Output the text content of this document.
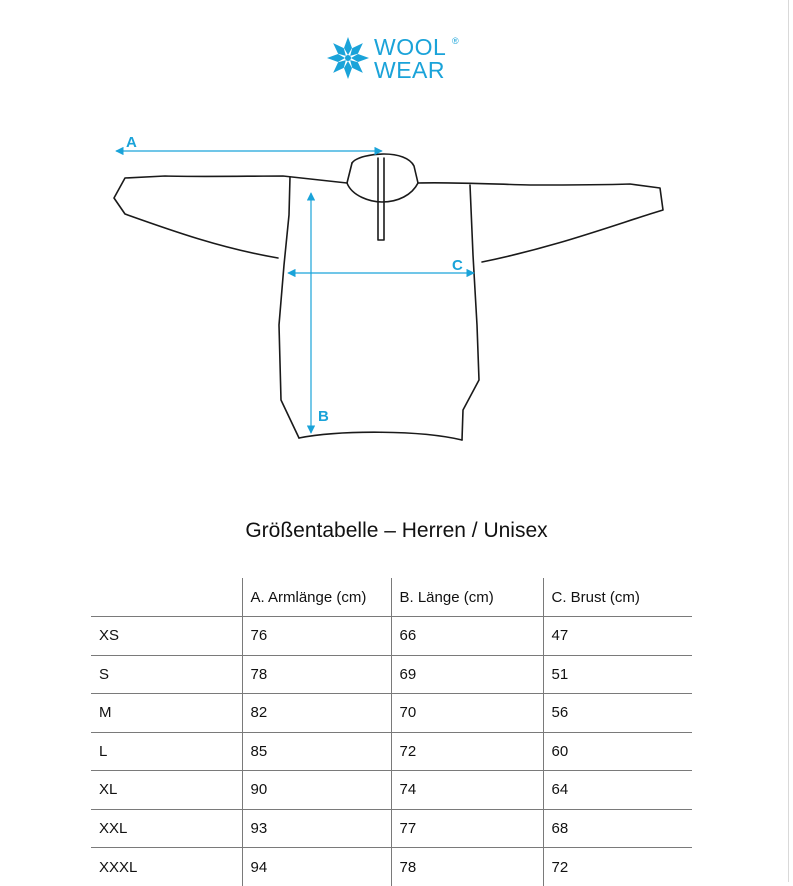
WOOL
WEAR
®
A
B
C
Größentabelle – Herren / Unisex
	A. Armlänge (cm)	B. Länge (cm)	C. Brust (cm)
XS	76	66	47
S	78	69	51
M	82	70	56
L	85	72	60
XL	90	74	64
XXL	93	77	68
XXXL	94	78	72
